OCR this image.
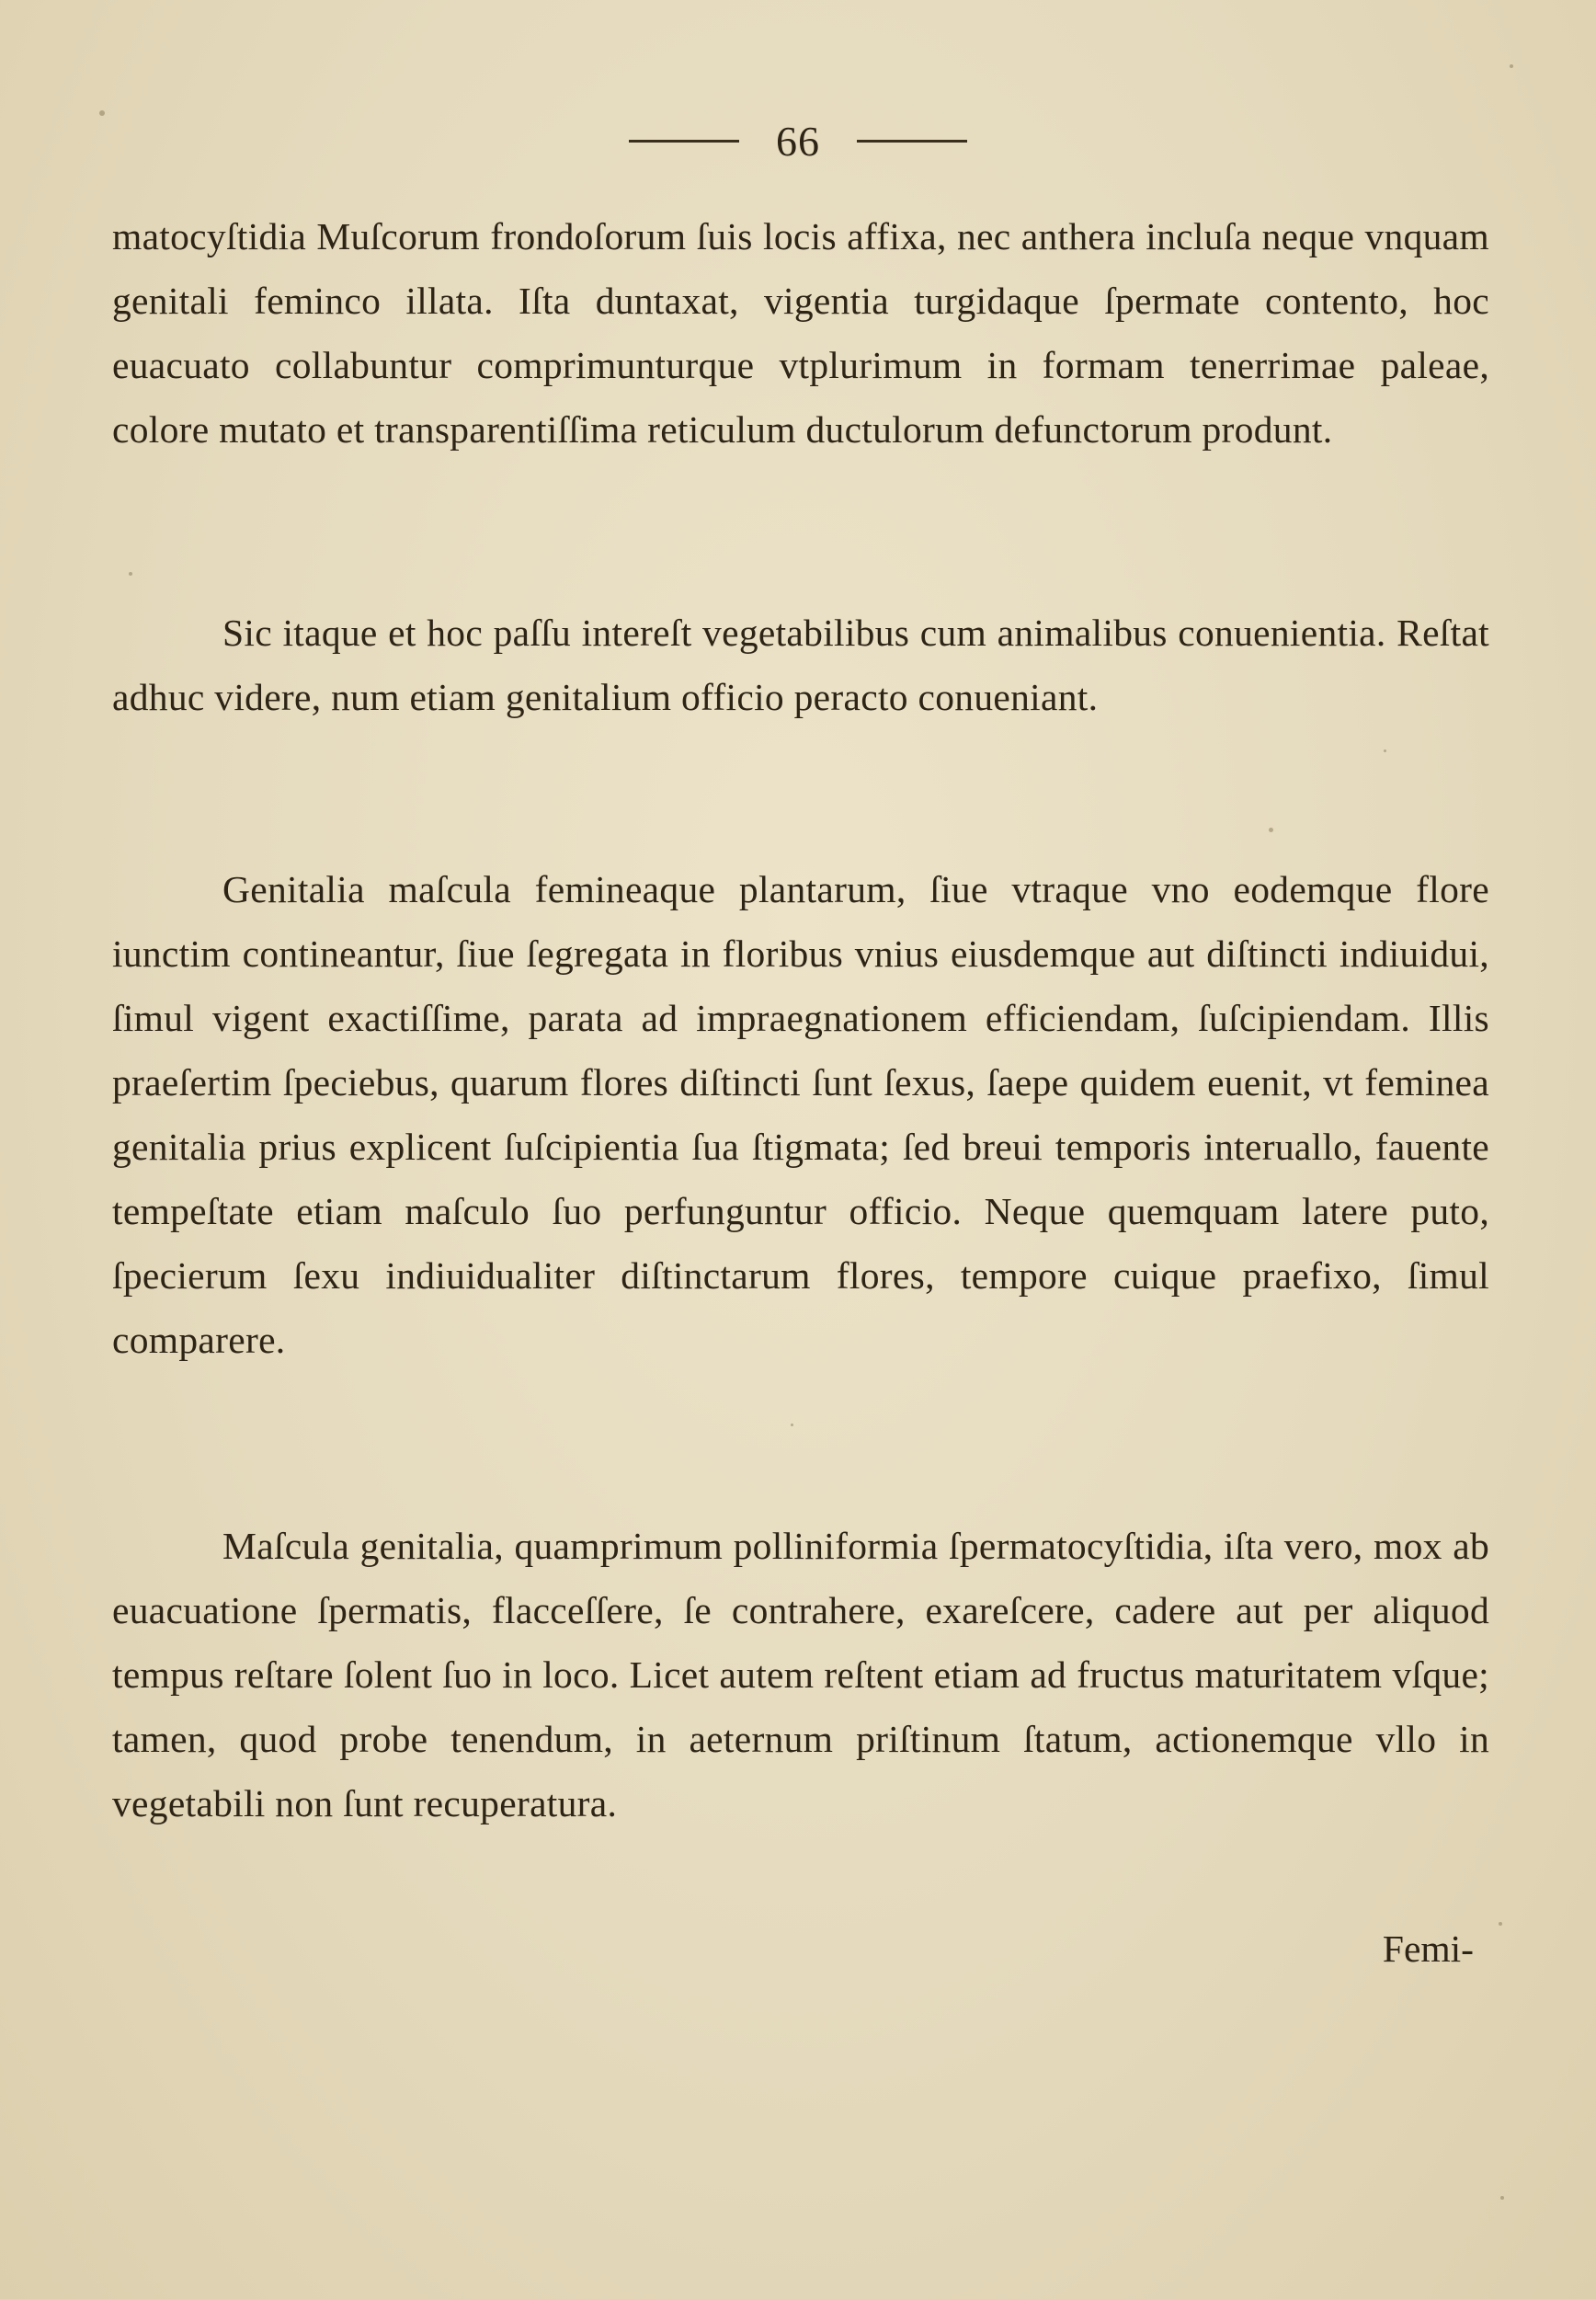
66

matocyſtidia Muſcorum frondoſorum ſuis locis affixa, nec anthera incluſa neque vnquam genitali feminco illata. Iſta duntaxat, vigentia turgidaque ſpermate contento, hoc euacuato collabuntur comprimunturque vtplurimum in formam tenerrimae paleae, colore mutato et transparentiſſima reticulum ductulorum defunctorum produnt.

Sic itaque et hoc paſſu intereſt vegetabilibus cum animalibus conuenientia. Reſtat adhuc videre, num etiam genitalium officio peracto conueniant.

Genitalia maſcula femineaque plantarum, ſiue vtraque vno eodemque flore iunctim contineantur, ſiue ſegregata in floribus vnius eiusdemque aut diſtincti indiuidui, ſimul vigent exactiſſime, parata ad impraegnationem efficiendam, ſuſcipiendam. Illis praeſertim ſpeciebus, quarum flores diſtincti ſunt ſexus, ſaepe quidem euenit, vt feminea genitalia prius explicent ſuſcipientia ſua ſtigmata; ſed breui temporis interuallo, fauente tempeſtate etiam maſculo ſuo perfunguntur officio. Neque quemquam latere puto, ſpecierum ſexu indiuidualiter diſtinctarum flores, tempore cuique praefixo, ſimul comparere.

Maſcula genitalia, quamprimum polliniformia ſpermatocyſtidia, iſta vero, mox ab euacuatione ſpermatis, flacceſſere, ſe contrahere, exareſcere, cadere aut per aliquod tempus reſtare ſolent ſuo in loco. Licet autem reſtent etiam ad fructus maturitatem vſque; tamen, quod probe tenendum, in aeternum priſtinum ſtatum, actionemque vllo in vegetabili non ſunt recuperatura.

Femi-
